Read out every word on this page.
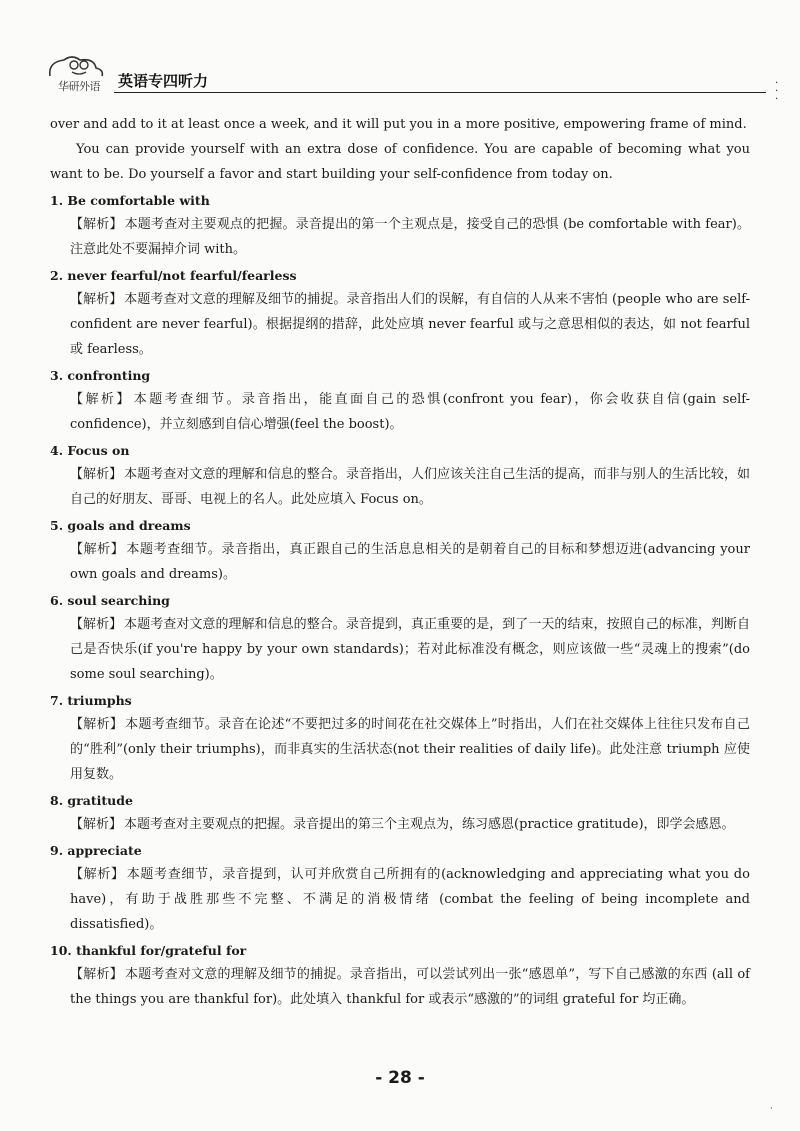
华研外语	英语专四听力	·
·
·

over and add to it at least once a week, and it will put you in a more positive, empowering frame of mind.

You can provide yourself with an extra dose of confidence. You are capable of becoming what you want to be. Do yourself a favor and start building your self-confidence from today on.

1. Be comfortable with
【 解析 】 本题考查对主要观点的把握。录音提出的第一个主观点是，接受自己的恐惧 (be comfortable with fear)。注意此处不要漏掉介词 with。
2. never fearful/not fearful/fearless
【 解析 】 本题考查对文意的理解及细节的捕捉。录音指出人们的误解，有自信的人从来不害怕 (people who are self-confident are never fearful)。根据提纲的措辞，此处应填 never fearful 或与之意思相似的表达，如 not fearful 或 fearless。
3. confronting
【 解析 】 本题考查细节。录音指出，能直面自己的恐惧(confront you fear)，你会收获自信(gain self-confidence)，并立刻感到自信心增强(feel the boost)。
4. Focus on
【 解析 】 本题考查对文意的理解和信息的整合。录音指出，人们应该关注自己生活的提高，而非与别人的生活比较，如自己的好朋友、哥哥、电视上的名人。此处应填入 Focus on。
5. goals and dreams
【 解析 】 本题考查细节。录音指出，真正跟自己的生活息息相关的是朝着自己的目标和梦想迈进(advancing your own goals and dreams)。
6. soul searching
【 解析 】 本题考查对文意的理解和信息的整合。录音提到，真正重要的是，到了一天的结束，按照自己的标准，判断自己是否快乐(if you're happy by your own standards)；若对此标准没有概念，则应该做一些“灵魂上的搜索”(do some soul searching)。
7. triumphs
【 解析 】 本题考查细节。录音在论述“不要把过多的时间花在社交媒体上”时指出，人们在社交媒体上往往只发布自己的“胜利”(only their triumphs)，而非真实的生活状态(not their realities of daily life)。此处注意 triumph 应使用复数。
8. gratitude
【 解析 】 本题考查对主要观点的把握。录音提出的第三个主观点为，练习感恩(practice gratitude)，即学会感恩。
9. appreciate
【 解析 】 本题考查细节，录音提到，认可并欣赏自己所拥有的(acknowledging and appreciating what you do have)，有助于战胜那些不完整、不满足的消极情绪 (combat the feeling of being incomplete and dissatisfied)。
10. thankful for/grateful for
【 解析 】 本题考查对文意的理解及细节的捕捉。录音指出，可以尝试列出一张“感恩单”，写下自己感激的东西 (all of the things you are thankful for)。此处填入 thankful for 或表示“感激的”的词组 grateful for 均正确。
- 28 -
·
